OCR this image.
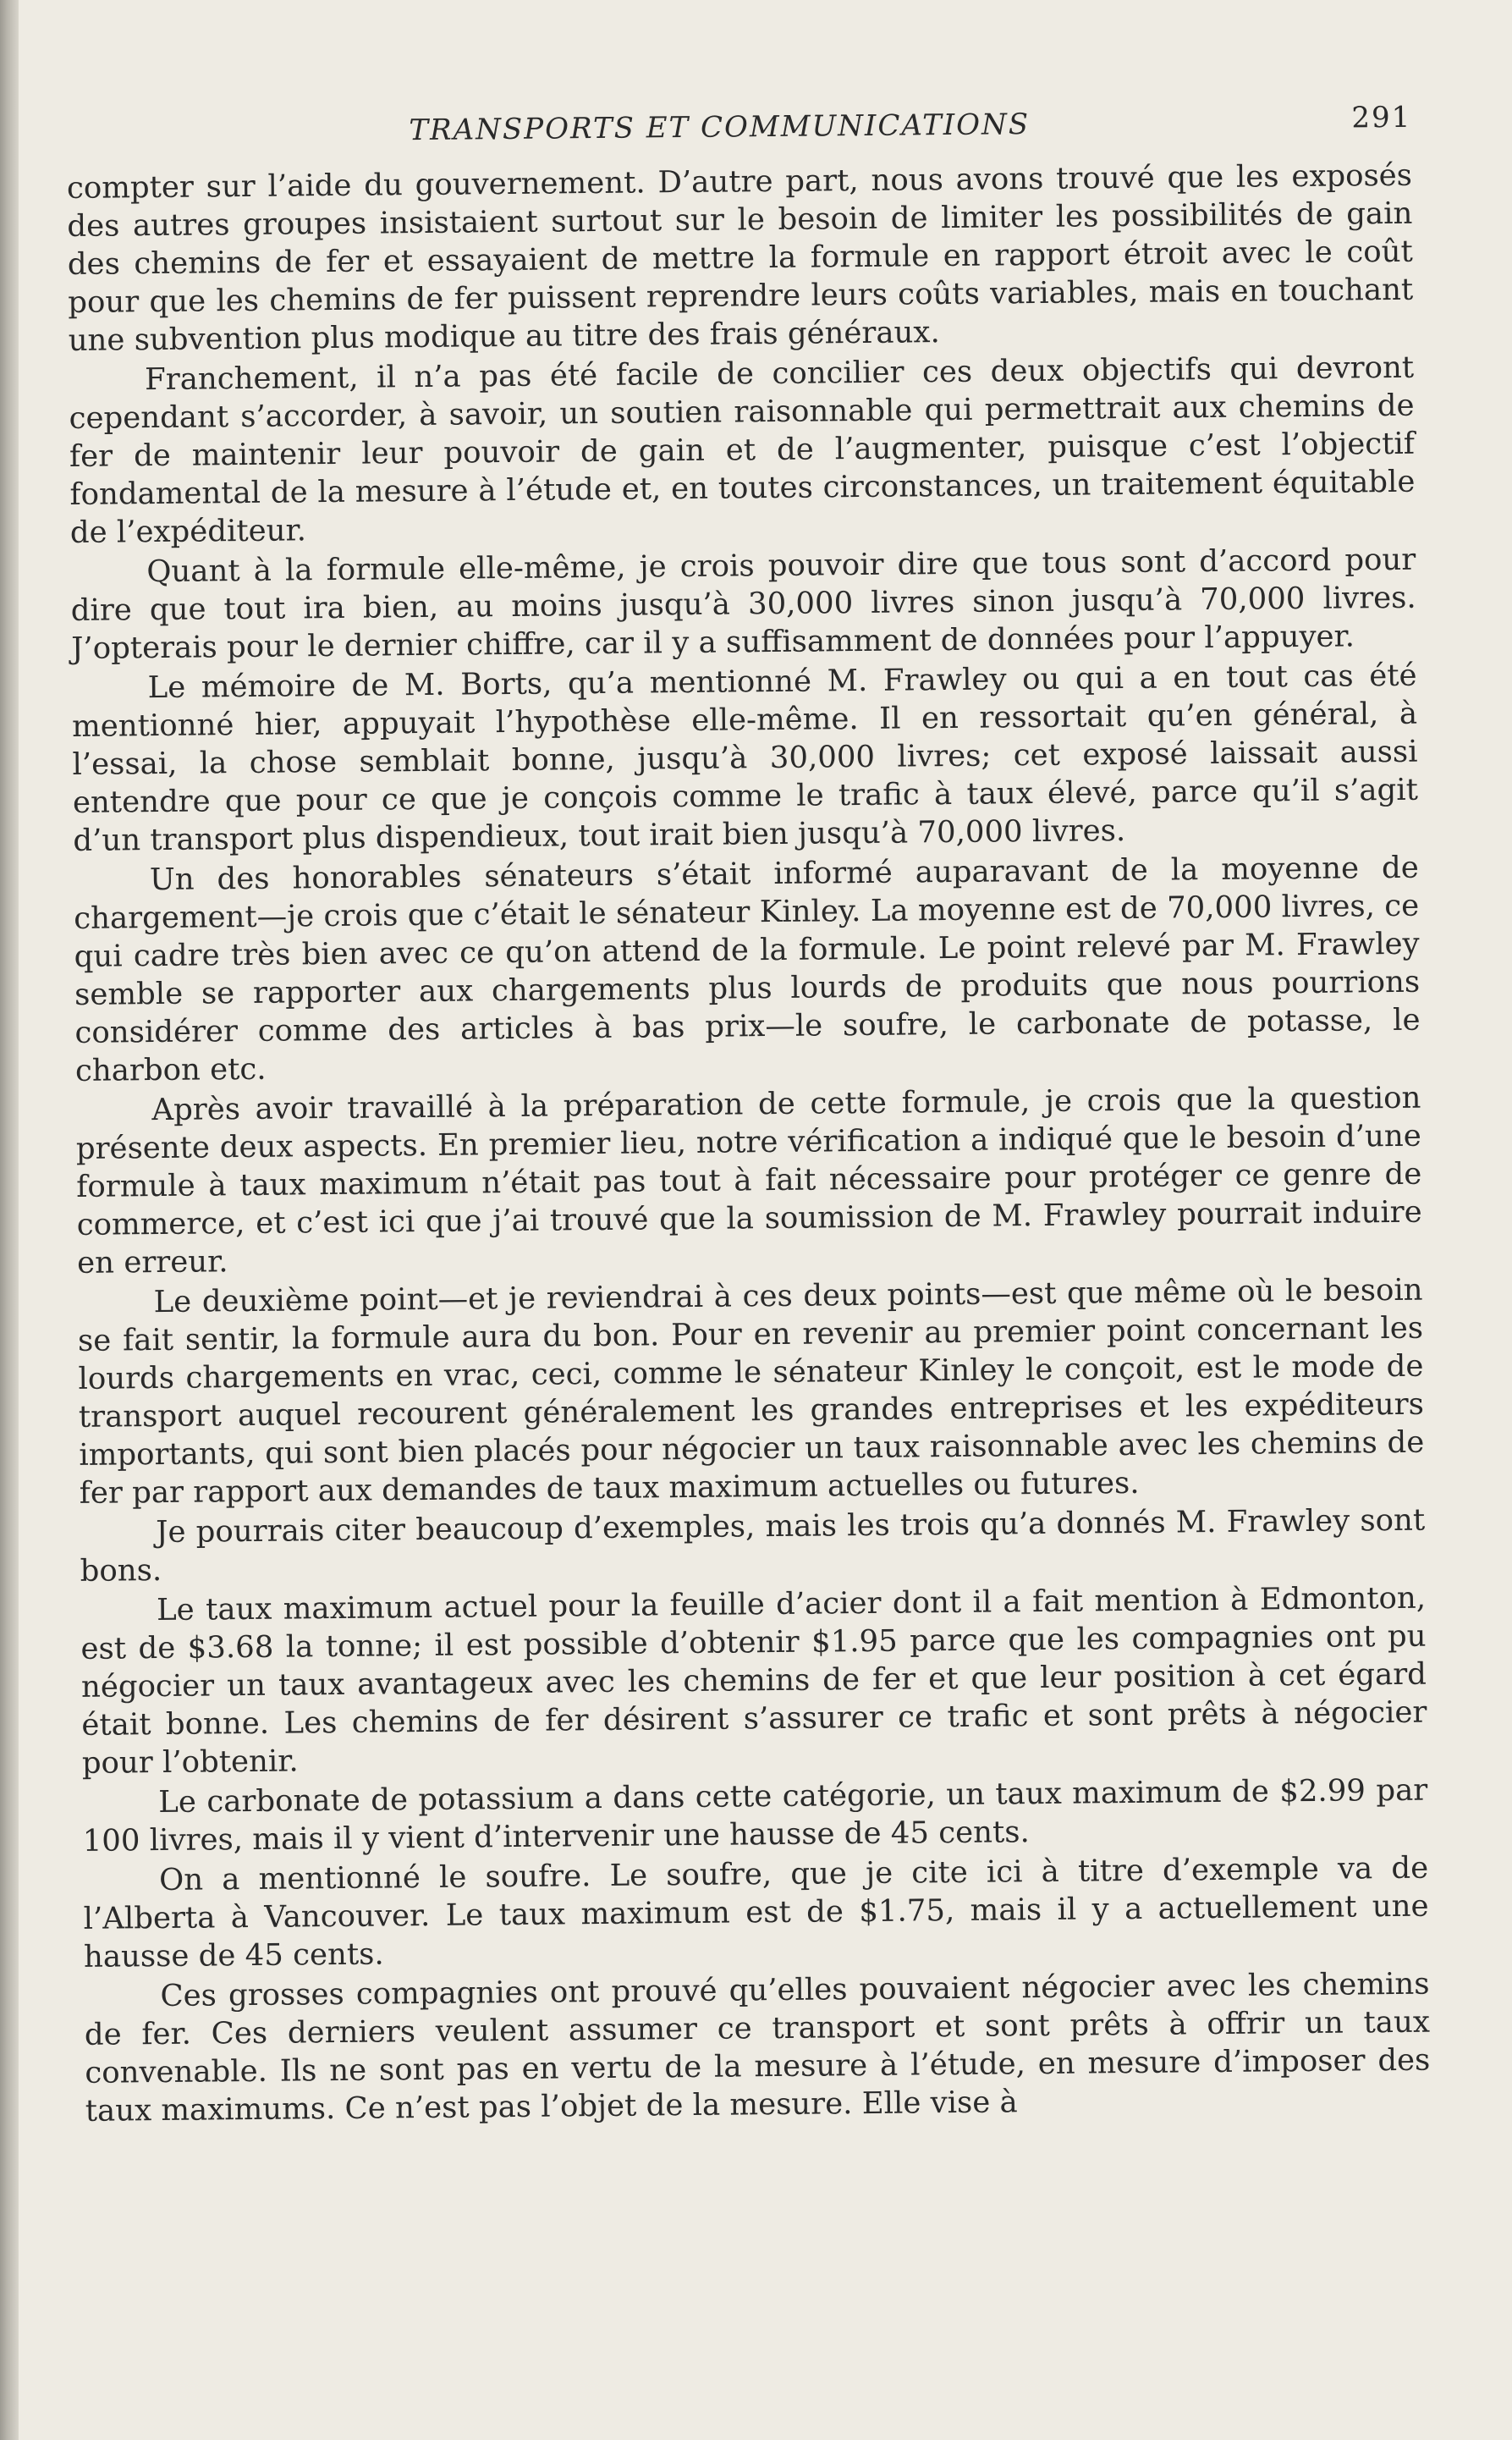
TRANSPORTS ET COMMUNICATIONS	291

compter sur l’aide du gouvernement. D’autre part, nous avons trouvé que les exposés des autres groupes insistaient surtout sur le besoin de limiter les possibilités de gain des chemins de fer et essayaient de mettre la formule en rapport étroit avec le coût pour que les chemins de fer puissent reprendre leurs coûts variables, mais en touchant une subvention plus modique au titre des frais généraux.

Franchement, il n’a pas été facile de concilier ces deux objectifs qui devront cependant s’accorder, à savoir, un soutien raisonnable qui permettrait aux chemins de fer de maintenir leur pouvoir de gain et de l’augmenter, puisque c’est l’objectif fondamental de la mesure à l’étude et, en toutes circonstances, un traitement équitable de l’expéditeur.

Quant à la formule elle-même, je crois pouvoir dire que tous sont d’accord pour dire que tout ira bien, au moins jusqu’à 30,000 livres sinon jusqu’à 70,000 livres. J’opterais pour le dernier chiffre, car il y a suffisamment de données pour l’appuyer.

Le mémoire de M. Borts, qu’a mentionné M. Frawley ou qui a en tout cas été mentionné hier, appuyait l’hypothèse elle-même. Il en ressortait qu’en général, à l’essai, la chose semblait bonne, jusqu’à 30,000 livres; cet exposé laissait aussi entendre que pour ce que je conçois comme le trafic à taux élevé, parce qu’il s’agit d’un transport plus dispendieux, tout irait bien jusqu’à 70,000 livres.

Un des honorables sénateurs s’était informé auparavant de la moyenne de chargement—je crois que c’était le sénateur Kinley. La moyenne est de 70,000 livres, ce qui cadre très bien avec ce qu’on attend de la formule. Le point relevé par M. Frawley semble se rapporter aux chargements plus lourds de produits que nous pourrions considérer comme des articles à bas prix—le soufre, le carbonate de potasse, le charbon etc.

Après avoir travaillé à la préparation de cette formule, je crois que la question présente deux aspects. En premier lieu, notre vérification a indiqué que le besoin d’une formule à taux maximum n’était pas tout à fait nécessaire pour protéger ce genre de commerce, et c’est ici que j’ai trouvé que la soumission de M. Frawley pourrait induire en erreur.

Le deuxième point—et je reviendrai à ces deux points—est que même où le besoin se fait sentir, la formule aura du bon. Pour en revenir au premier point concernant les lourds chargements en vrac, ceci, comme le sénateur Kinley le conçoit, est le mode de transport auquel recourent généralement les grandes entreprises et les expéditeurs importants, qui sont bien placés pour négocier un taux raisonnable avec les chemins de fer par rapport aux demandes de taux maximum actuelles ou futures.

Je pourrais citer beaucoup d’exemples, mais les trois qu’a donnés M. Frawley sont bons.

Le taux maximum actuel pour la feuille d’acier dont il a fait mention à Edmonton, est de $3.68 la tonne; il est possible d’obtenir $1.95 parce que les compagnies ont pu négocier un taux avantageux avec les chemins de fer et que leur position à cet égard était bonne. Les chemins de fer désirent s’assurer ce trafic et sont prêts à négocier pour l’obtenir.

Le carbonate de potassium a dans cette catégorie, un taux maximum de $2.99 par 100 livres, mais il y vient d’intervenir une hausse de 45 cents.

On a mentionné le soufre. Le soufre, que je cite ici à titre d’exemple va de l’Alberta à Vancouver. Le taux maximum est de $1.75, mais il y a actuellement une hausse de 45 cents.

Ces grosses compagnies ont prouvé qu’elles pouvaient négocier avec les chemins de fer. Ces derniers veulent assumer ce transport et sont prêts à offrir un taux convenable. Ils ne sont pas en vertu de la mesure à l’étude, en mesure d’imposer des taux maximums. Ce n’est pas l’objet de la mesure. Elle vise à
